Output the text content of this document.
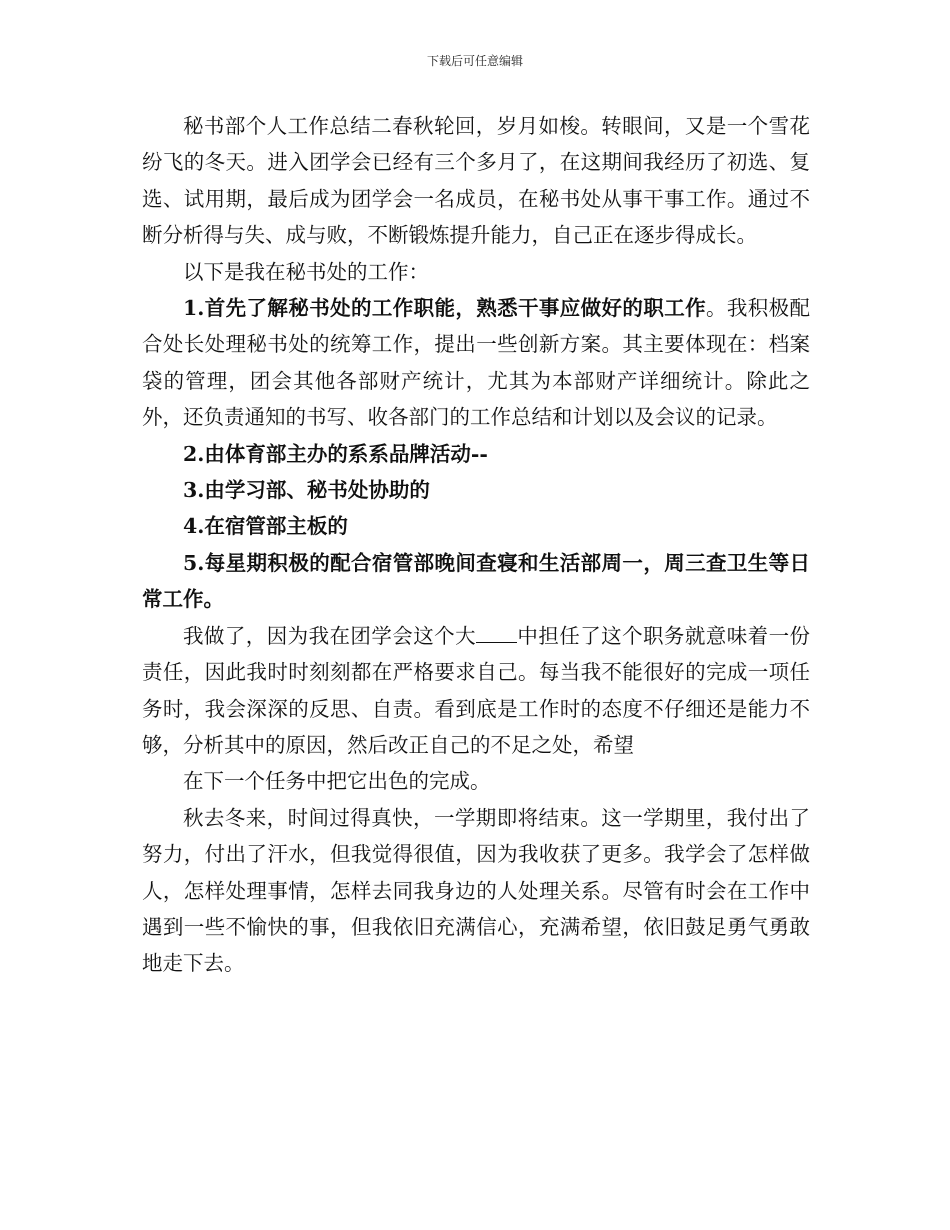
下载后可任意编辑

秘书部个人工作总结二春秋轮回，岁月如梭。转眼间，又是一个雪花纷飞的冬天。进入团学会已经有三个多月了，在这期间我经历了初选、复选、试用期，最后成为团学会一名成员，在秘书处从事干事工作。通过不断分析得与失、成与败，不断锻炼提升能力，自己正在逐步得成长。

以下是我在秘书处的工作：

1.首先了解秘书处的工作职能，熟悉干事应做好的职工作。我积极配合处长处理秘书处的统筹工作，提出一些创新方案。其主要体现在：档案袋的管理，团会其他各部财产统计，尤其为本部财产详细统计。除此之外，还负责通知的书写、收各部门的工作总结和计划以及会议的记录。

2.由体育部主办的系系品牌活动--

3.由学习部、秘书处协助的

4.在宿管部主板的

5.每星期积极的配合宿管部晚间查寝和生活部周一，周三查卫生等日常工作。

我做了，因为我在团学会这个大 中担任了这个职务就意味着一份责任，因此我时时刻刻都在严格要求自己。每当我不能很好的完成一项任务时，我会深深的反思、自责。看到底是工作时的态度不仔细还是能力不够，分析其中的原因，然后改正自己的不足之处，希望

在下一个任务中把它出色的完成。

秋去冬来，时间过得真快，一学期即将结束。这一学期里，我付出了努力，付出了汗水，但我觉得很值，因为我收获了更多。我学会了怎样做人，怎样处理事情，怎样去同我身边的人处理关系。尽管有时会在工作中遇到一些不愉快的事，但我依旧充满信心，充满希望，依旧鼓足勇气勇敢地走下去。
